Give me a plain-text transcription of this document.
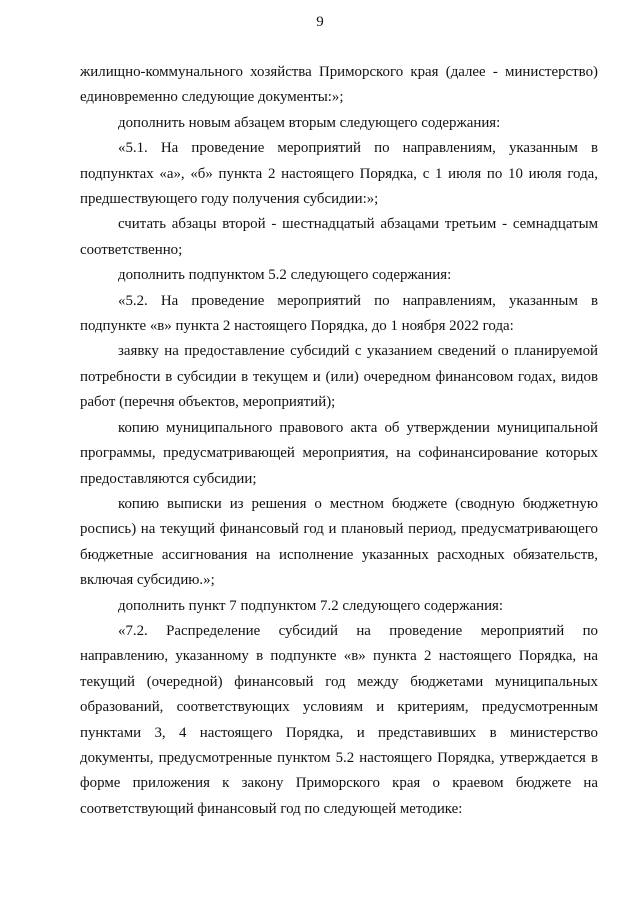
9

жилищно-коммунального хозяйства Приморского края (далее - министерство) единовременно следующие документы:»;

дополнить новым абзацем вторым следующего содержания:

«5.1. На проведение мероприятий по направлениям, указанным в подпунктах «а», «б» пункта 2 настоящего Порядка, с 1 июля по 10 июля года, предшествующего году получения субсидии:»;

считать абзацы второй - шестнадцатый абзацами третьим - семнадцатым соответственно;

дополнить подпунктом 5.2 следующего содержания:

«5.2. На проведение мероприятий по направлениям, указанным в подпункте «в» пункта 2 настоящего Порядка, до 1 ноября 2022 года:

заявку на предоставление субсидий с указанием сведений о планируемой потребности в субсидии в текущем и (или) очередном финансовом годах, видов работ (перечня объектов, мероприятий);

копию муниципального правового акта об утверждении муниципальной программы, предусматривающей мероприятия, на софинансирование которых предоставляются субсидии;

копию выписки из решения о местном бюджете (сводную бюджетную роспись) на текущий финансовый год и плановый период, предусматривающего бюджетные ассигнования на исполнение указанных расходных обязательств, включая субсидию.»;

дополнить пункт 7 подпунктом 7.2 следующего содержания:

«7.2. Распределение субсидий на проведение мероприятий по направлению, указанному в подпункте «в» пункта 2 настоящего Порядка, на текущий (очередной) финансовый год между бюджетами муниципальных образований, соответствующих условиям и критериям, предусмотренным пунктами 3, 4 настоящего Порядка, и представивших в министерство документы, предусмотренные пунктом 5.2 настоящего Порядка, утверждается в форме приложения к закону Приморского края о краевом бюджете на соответствующий финансовый год по следующей методике:
